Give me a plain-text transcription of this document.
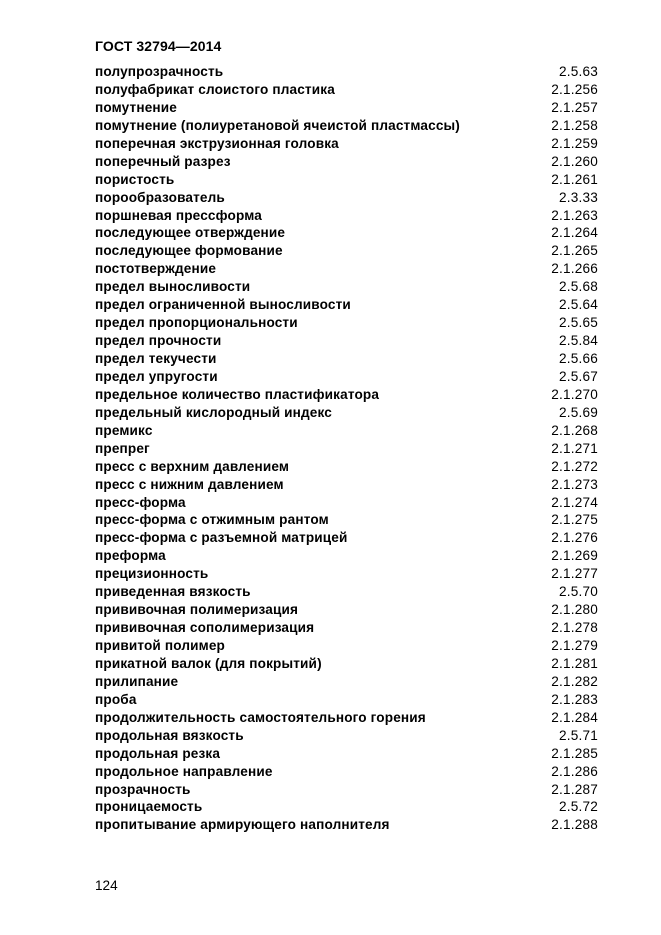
ГОСТ 32794—2014
полупрозрачность	2.5.63
полуфабрикат слоистого пластика	2.1.256
помутнение	2.1.257
помутнение (полиуретановой ячеистой пластмассы)	2.1.258
поперечная экструзионная головка	2.1.259
поперечный разрез	2.1.260
пористость	2.1.261
порообразователь	2.3.33
поршневая прессформа	2.1.263
последующее отверждение	2.1.264
последующее формование	2.1.265
постотверждение	2.1.266
предел выносливости	2.5.68
предел ограниченной выносливости	2.5.64
предел пропорциональности	2.5.65
предел прочности	2.5.84
предел текучести	2.5.66
предел упругости	2.5.67
предельное количество пластификатора	2.1.270
предельный кислородный индекс	2.5.69
премикс	2.1.268
препрег	2.1.271
пресс с верхним давлением	2.1.272
пресс с нижним давлением	2.1.273
пресс-форма	2.1.274
пресс-форма с отжимным рантом	2.1.275
пресс-форма с разъемной матрицей	2.1.276
преформа	2.1.269
прецизионность	2.1.277
приведенная вязкость	2.5.70
прививочная полимеризация	2.1.280
прививочная сополимеризация	2.1.278
привитой полимер	2.1.279
прикатной валок (для покрытий)	2.1.281
прилипание	2.1.282
проба	2.1.283
продолжительность самостоятельного горения	2.1.284
продольная вязкость	2.5.71
продольная резка	2.1.285
продольное направление	2.1.286
прозрачность	2.1.287
проницаемость	2.5.72
пропитывание армирующего наполнителя	2.1.288
124
